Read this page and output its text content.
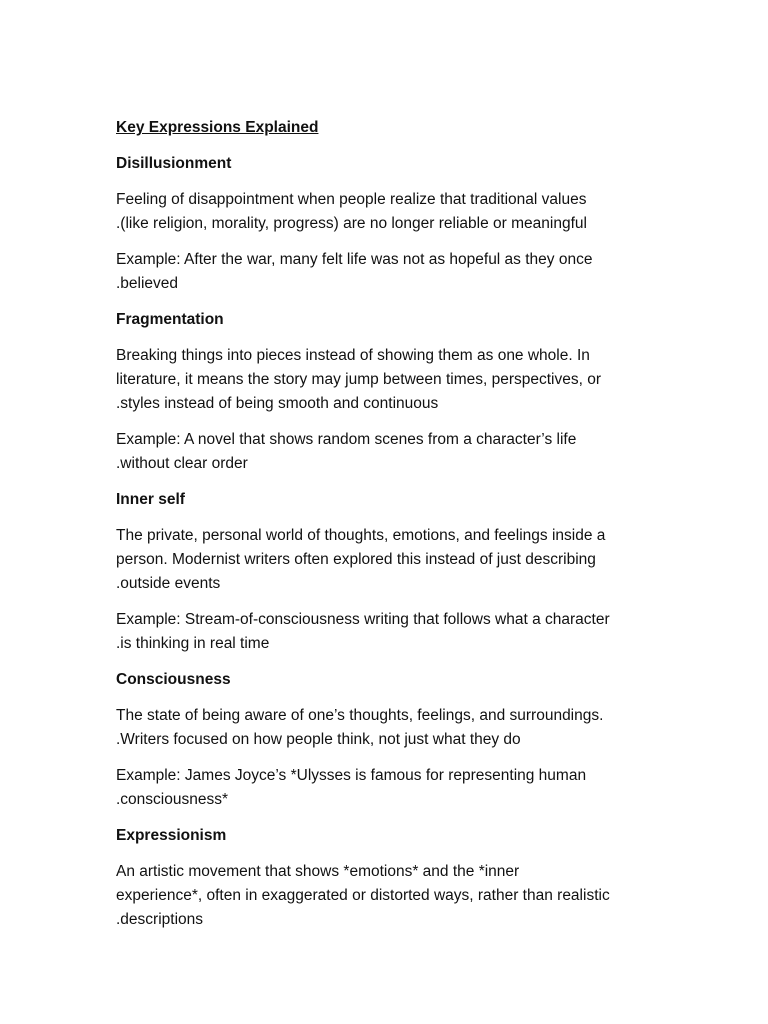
Key Expressions Explained
Disillusionment
Feeling of disappointment when people realize that traditional values
.(like religion, morality, progress) are no longer reliable or meaningful
Example: After the war, many felt life was not as hopeful as they once
.believed
Fragmentation
Breaking things into pieces instead of showing them as one whole. In
literature, it means the story may jump between times, perspectives, or
.styles instead of being smooth and continuous
Example: A novel that shows random scenes from a character’s life
.without clear order
Inner self
The private, personal world of thoughts, emotions, and feelings inside a
person. Modernist writers often explored this instead of just describing
.outside events
Example: Stream-of-consciousness writing that follows what a character
.is thinking in real time
Consciousness
The state of being aware of one’s thoughts, feelings, and surroundings.
.Writers focused on how people think, not just what they do
Example: James Joyce’s *Ulysses is famous for representing human
.consciousness*
Expressionism
An artistic movement that shows *emotions* and the *inner
experience*, often in exaggerated or distorted ways, rather than realistic
.descriptions
